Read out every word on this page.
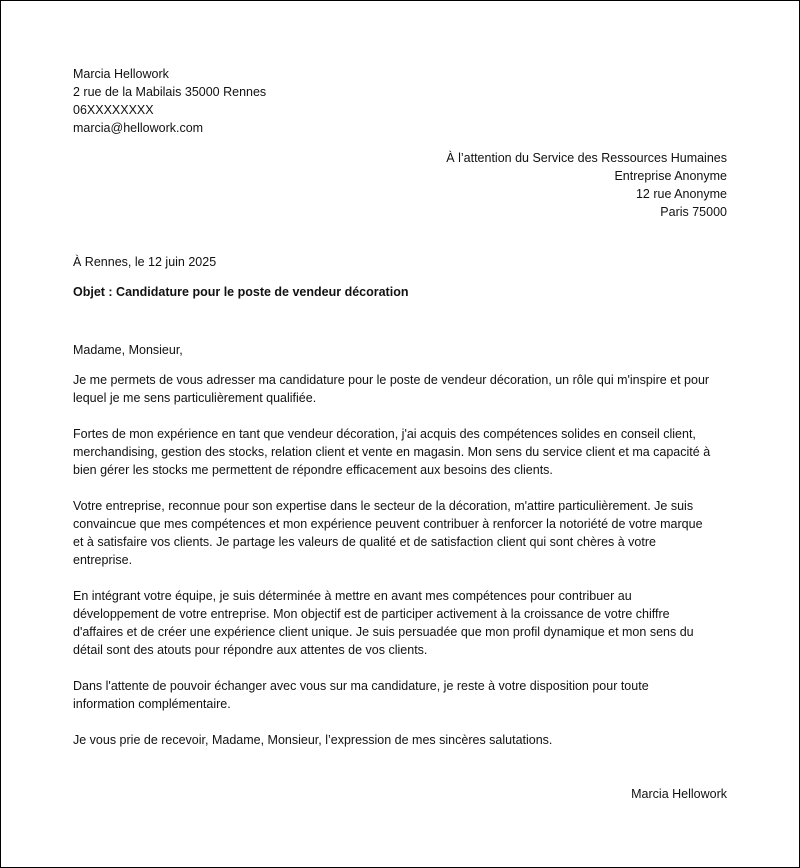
Marcia Hellowork
2 rue de la Mabilais 35000 Rennes
06XXXXXXXX
marcia@hellowork.com
À l’attention du Service des Ressources Humaines
Entreprise Anonyme
12 rue Anonyme
Paris 75000
À Rennes, le 12 juin 2025
Objet : Candidature pour le poste de vendeur décoration
Madame, Monsieur,

Je me permets de vous adresser ma candidature pour le poste de vendeur décoration, un rôle qui m'inspire et pour
lequel je me sens particulièrement qualifiée.

Fortes de mon expérience en tant que vendeur décoration, j'ai acquis des compétences solides en conseil client,
merchandising, gestion des stocks, relation client et vente en magasin. Mon sens du service client et ma capacité à
bien gérer les stocks me permettent de répondre efficacement aux besoins des clients.

Votre entreprise, reconnue pour son expertise dans le secteur de la décoration, m'attire particulièrement. Je suis
convaincue que mes compétences et mon expérience peuvent contribuer à renforcer la notoriété de votre marque
et à satisfaire vos clients. Je partage les valeurs de qualité et de satisfaction client qui sont chères à votre
entreprise.

En intégrant votre équipe, je suis déterminée à mettre en avant mes compétences pour contribuer au
développement de votre entreprise. Mon objectif est de participer activement à la croissance de votre chiffre
d'affaires et de créer une expérience client unique. Je suis persuadée que mon profil dynamique et mon sens du
détail sont des atouts pour répondre aux attentes de vos clients.

Dans l'attente de pouvoir échanger avec vous sur ma candidature, je reste à votre disposition pour toute
information complémentaire.

Je vous prie de recevoir, Madame, Monsieur, l’expression de mes sincères salutations.
Marcia Hellowork
